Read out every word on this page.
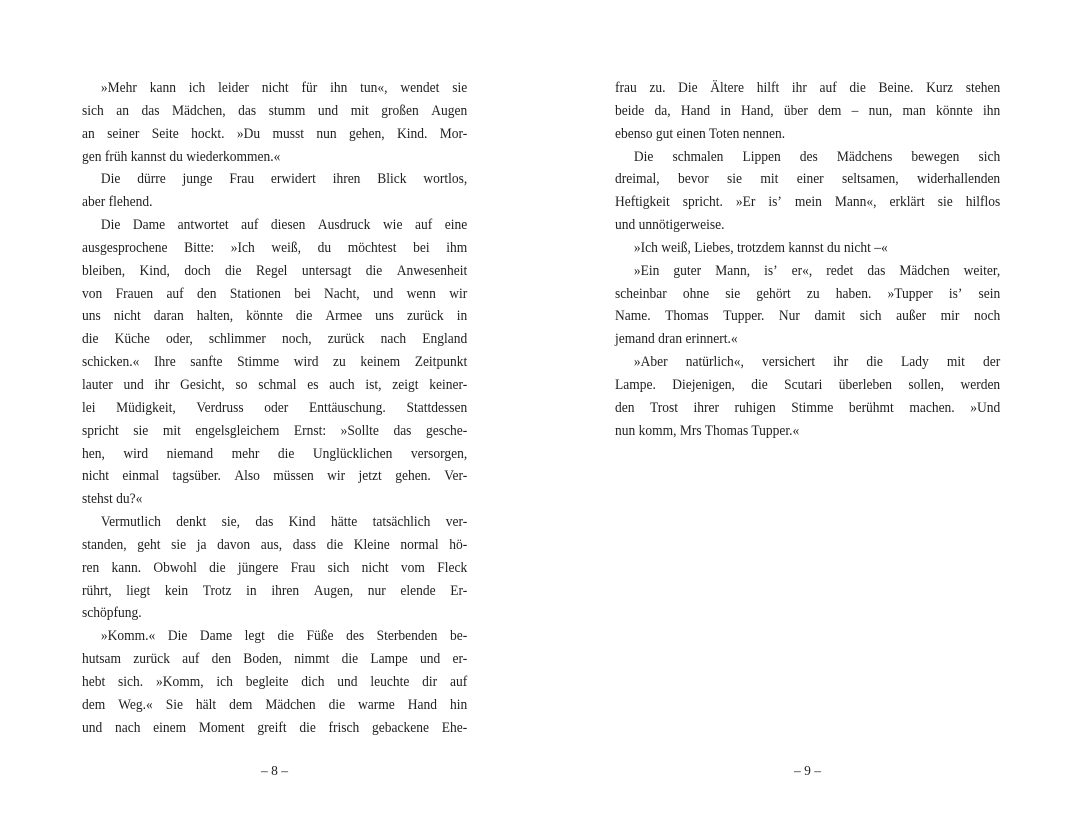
»Mehr kann ich leider nicht für ihn tun«, wendet sie
sich an das Mädchen, das stumm und mit großen Augen
an seiner Seite hockt. »Du musst nun gehen, Kind. Mor-
gen früh kannst du wiederkommen.«
Die dürre junge Frau erwidert ihren Blick wortlos,
aber flehend.
Die Dame antwortet auf diesen Ausdruck wie auf eine
ausgesprochene Bitte: »Ich weiß, du möchtest bei ihm
bleiben, Kind, doch die Regel untersagt die Anwesenheit
von Frauen auf den Stationen bei Nacht, und wenn wir
uns nicht daran halten, könnte die Armee uns zurück in
die Küche oder, schlimmer noch, zurück nach England
schicken.« Ihre sanfte Stimme wird zu keinem Zeitpunkt
lauter und ihr Gesicht, so schmal es auch ist, zeigt keiner-
lei Müdigkeit, Verdruss oder Enttäuschung. Stattdessen
spricht sie mit engelsgleichem Ernst: »Sollte das gesche-
hen, wird niemand mehr die Unglücklichen versorgen,
nicht einmal tagsüber. Also müssen wir jetzt gehen. Ver-
stehst du?«
Vermutlich denkt sie, das Kind hätte tatsächlich ver-
standen, geht sie ja davon aus, dass die Kleine normal hö-
ren kann. Obwohl die jüngere Frau sich nicht vom Fleck
rührt, liegt kein Trotz in ihren Augen, nur elende Er-
schöpfung.
»Komm.« Die Dame legt die Füße des Sterbenden be-
hutsam zurück auf den Boden, nimmt die Lampe und er-
hebt sich. »Komm, ich begleite dich und leuchte dir auf
dem Weg.« Sie hält dem Mädchen die warme Hand hin
und nach einem Moment greift die frisch gebackene Ehe-
frau zu. Die Ältere hilft ihr auf die Beine. Kurz stehen
beide da, Hand in Hand, über dem – nun, man könnte ihn
ebenso gut einen Toten nennen.
Die schmalen Lippen des Mädchens bewegen sich
dreimal, bevor sie mit einer seltsamen, widerhallenden
Heftigkeit spricht. »Er is’ mein Mann«, erklärt sie hilflos
und unnötigerweise.
»Ich weiß, Liebes, trotzdem kannst du nicht –«
»Ein guter Mann, is’ er«, redet das Mädchen weiter,
scheinbar ohne sie gehört zu haben. »Tupper is’ sein
Name. Thomas Tupper. Nur damit sich außer mir noch
jemand dran erinnert.«
»Aber natürlich«, versichert ihr die Lady mit der
Lampe. Diejenigen, die Scutari überleben sollen, werden
den Trost ihrer ruhigen Stimme berühmt machen. »Und
nun komm, Mrs Thomas Tupper.«
– 8 –	– 9 –
